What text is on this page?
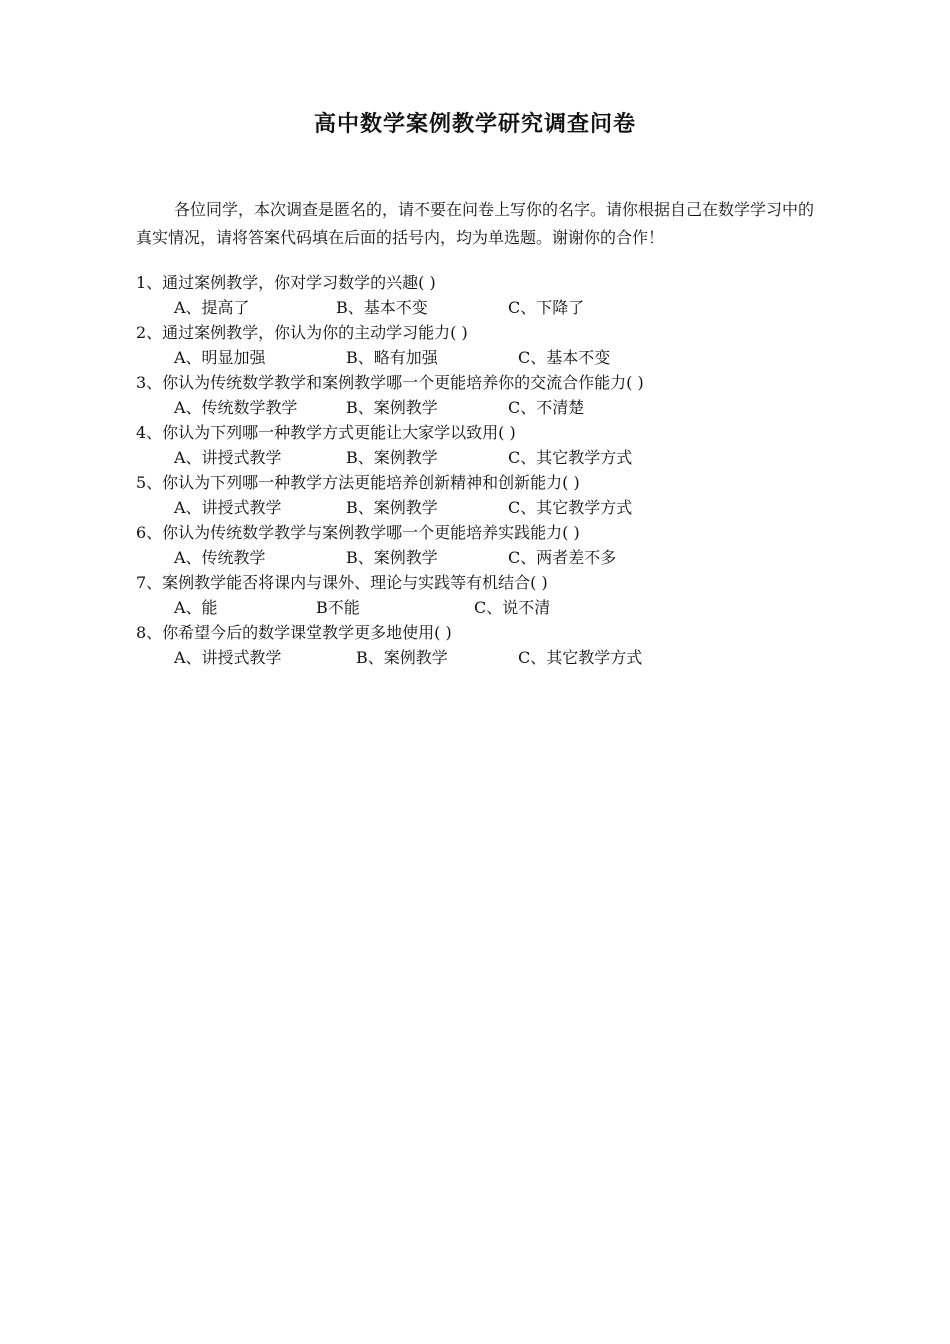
高中数学案例教学研究调查问卷
各位同学，本次调查是匿名的，请不要在问卷上写你的名字。请你根据自己在数学学习中的真实情况，请将答案代码填在后面的括号内，均为单选题。谢谢你的合作！
1、通过案例教学，你对学习数学的兴趣( )
A、提高了	B、基本不变	C、下降了
2、通过案例教学，你认为你的主动学习能力( )
A、明显加强	B、略有加强	C、基本不变
3、你认为传统数学教学和案例教学哪一个更能培养你的交流合作能力( )
A、传统数学教学	B、案例教学	C、不清楚
4、你认为下列哪一种教学方式更能让大家学以致用( )
A、讲授式教学	B、案例教学	C、其它教学方式
5、你认为下列哪一种教学方法更能培养创新精神和创新能力( )
A、讲授式教学	B、案例教学	C、其它教学方式
6、你认为传统数学教学与案例教学哪一个更能培养实践能力( )
A、传统教学	B、案例教学	C、两者差不多
7、案例教学能否将课内与课外、理论与实践等有机结合( )
A、能	B不能	C、说不清
8、你希望今后的数学课堂教学更多地使用( )
A、讲授式教学	B、案例教学	C、其它教学方式
